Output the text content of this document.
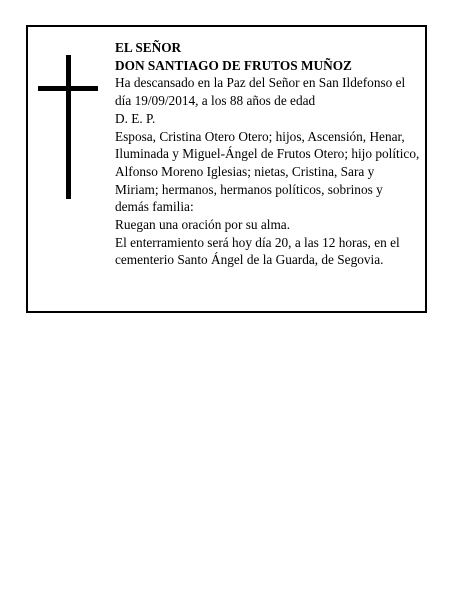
EL SEÑOR

DON SANTIAGO DE FRUTOS MUÑOZ

Ha descansado en la Paz del Señor en San Ildefonso el día 19/09/2014, a los 88 años de edad

D. E. P.

Esposa, Cristina Otero Otero; hijos, Ascensión, Henar, Iluminada y Miguel-Ángel de Frutos Otero; hijo político, Alfonso Moreno Iglesias; nietas, Cristina, Sara y Miriam; hermanos, hermanos políticos, sobrinos y demás familia:

Ruegan una oración por su alma.

El enterramiento será hoy día 20, a las 12 horas, en el cementerio Santo Ángel de la Guarda, de Segovia.
